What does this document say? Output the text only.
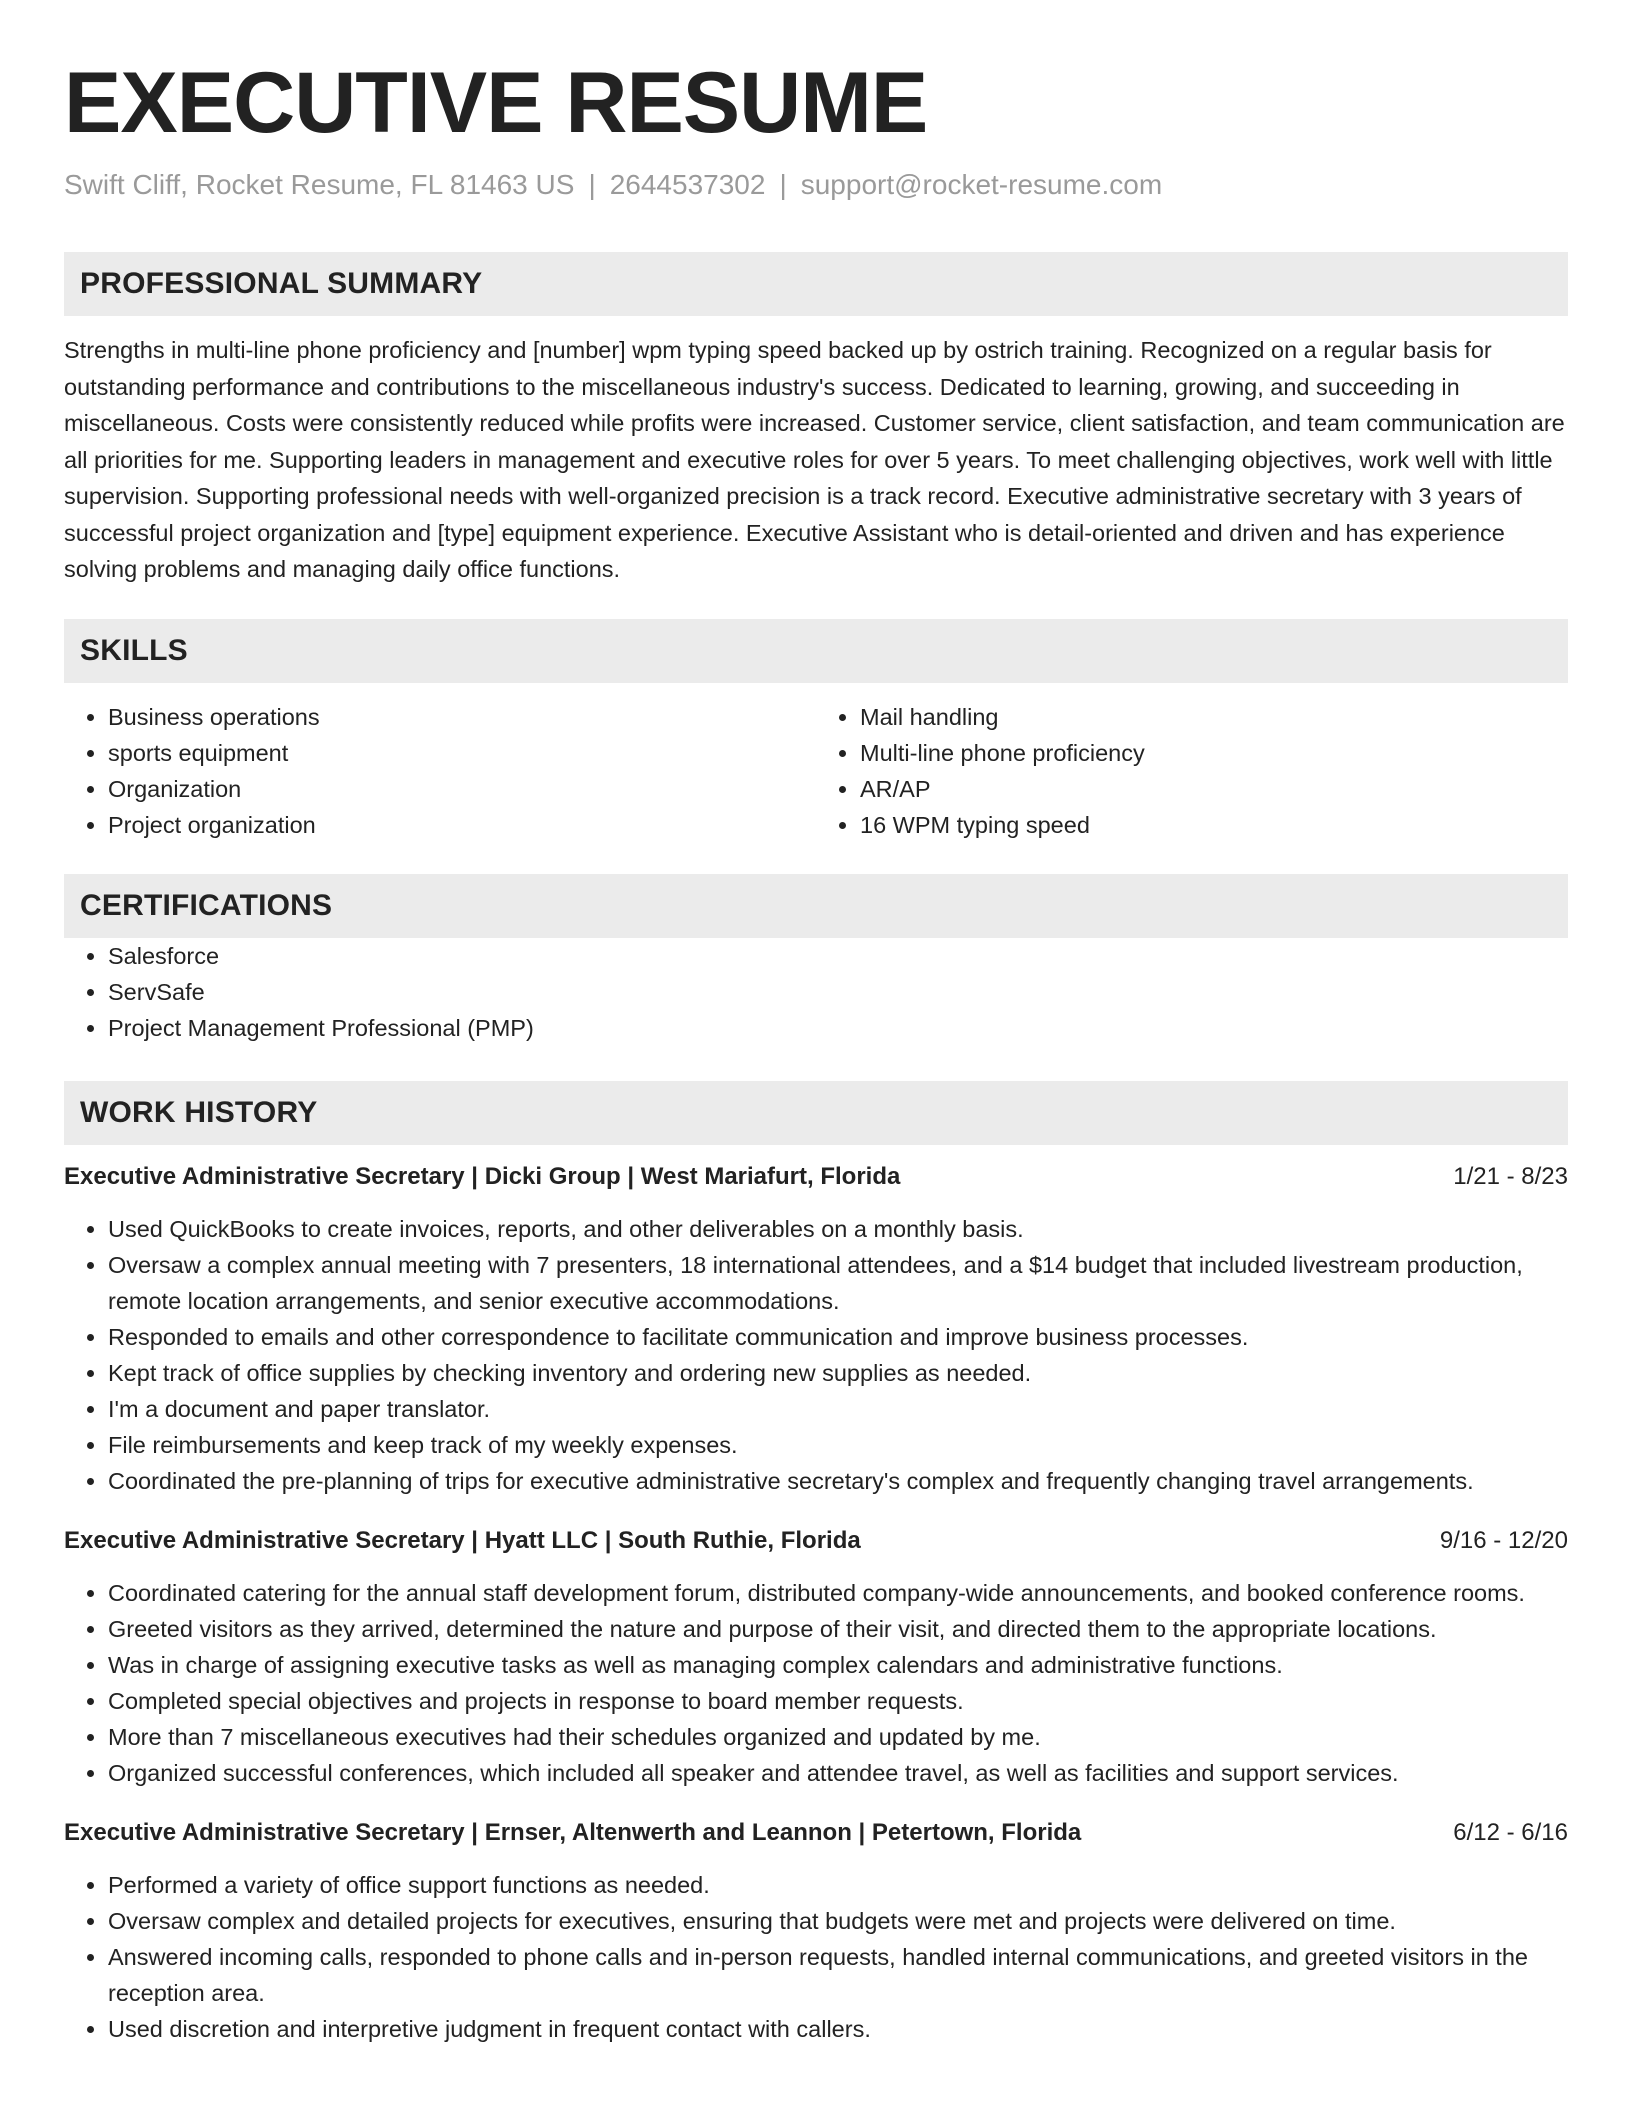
EXECUTIVE RESUME
Swift Cliff, Rocket Resume, FL 81463 US | 2644537302 | support@rocket-resume.com
PROFESSIONAL SUMMARY

Strengths in multi-line phone proficiency and [number] wpm typing speed backed up by ostrich training. Recognized on a regular basis for outstanding performance and contributions to the miscellaneous industry's success. Dedicated to learning, growing, and succeeding in miscellaneous. Costs were consistently reduced while profits were increased. Customer service, client satisfaction, and team communication are all priorities for me. Supporting leaders in management and executive roles for over 5 years. To meet challenging objectives, work well with little supervision. Supporting professional needs with well-organized precision is a track record. Executive administrative secretary with 3 years of successful project organization and [type] equipment experience. Executive Assistant who is detail-oriented and driven and has experience solving problems and managing daily office functions.

SKILLS
• Business operations
• sports equipment
• Organization
• Project organization
• Mail handling
• Multi-line phone proficiency
• AR/AP
• 16 WPM typing speed
CERTIFICATIONS
• Salesforce
• ServSafe
• Project Management Professional (PMP)
WORK HISTORY
Executive Administrative Secretary | Dicki Group | West Mariafurt, Florida	1/21 - 8/23
• Used QuickBooks to create invoices, reports, and other deliverables on a monthly basis.
• Oversaw a complex annual meeting with 7 presenters, 18 international attendees, and a $14 budget that included livestream production, remote location arrangements, and senior executive accommodations.
• Responded to emails and other correspondence to facilitate communication and improve business processes.
• Kept track of office supplies by checking inventory and ordering new supplies as needed.
• I'm a document and paper translator.
• File reimbursements and keep track of my weekly expenses.
• Coordinated the pre-planning of trips for executive administrative secretary's complex and frequently changing travel arrangements.
Executive Administrative Secretary | Hyatt LLC | South Ruthie, Florida	9/16 - 12/20
• Coordinated catering for the annual staff development forum, distributed company-wide announcements, and booked conference rooms.
• Greeted visitors as they arrived, determined the nature and purpose of their visit, and directed them to the appropriate locations.
• Was in charge of assigning executive tasks as well as managing complex calendars and administrative functions.
• Completed special objectives and projects in response to board member requests.
• More than 7 miscellaneous executives had their schedules organized and updated by me.
• Organized successful conferences, which included all speaker and attendee travel, as well as facilities and support services.
Executive Administrative Secretary | Ernser, Altenwerth and Leannon | Petertown, Florida	6/12 - 6/16
• Performed a variety of office support functions as needed.
• Oversaw complex and detailed projects for executives, ensuring that budgets were met and projects were delivered on time.
• Answered incoming calls, responded to phone calls and in-person requests, handled internal communications, and greeted visitors in the reception area.
• Used discretion and interpretive judgment in frequent contact with callers.
